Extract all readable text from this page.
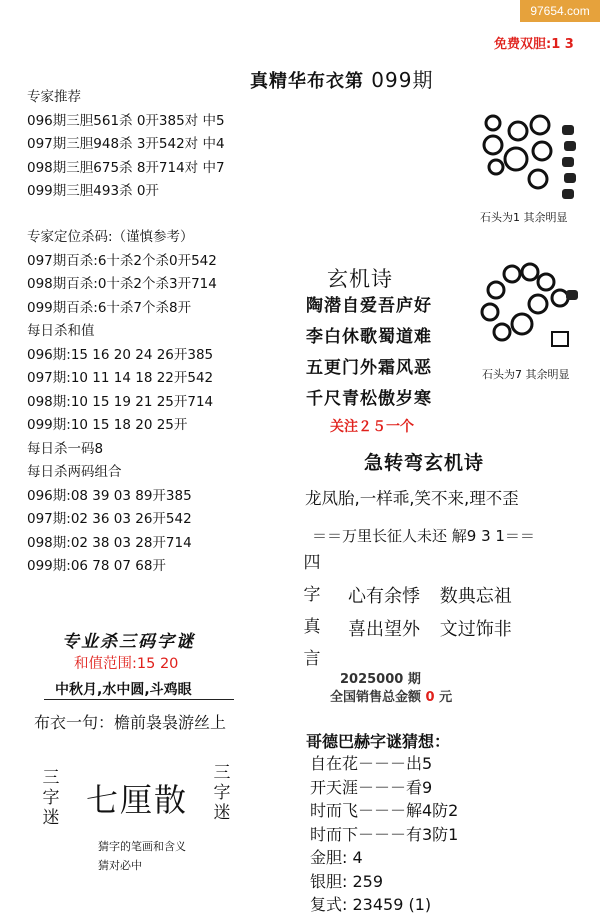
97654.com
免费双胆:1 3
真精华布衣第 099期
专家推荐
096期三胆561杀 0开385对 中5
097期三胆948杀 3开542对 中4
098期三胆675杀 8开714对 中7
099期三胆493杀 0开
专家定位杀码:（谨慎参考）
097期百杀:6十杀2个杀0开542
098期百杀:0十杀2个杀3开714
099期百杀:6十杀7个杀8开
每日杀和值
096期:15 16 20 24 26开385
097期:10 11 14 18 22开542
098期:10 15 19 21 25开714
099期:10 15 18 20 25开
每日杀一码8
每日杀两码组合
096期:08 39 03 89开385
097期:02 36 03 26开542
098期:02 38 03 28开714
099期:06 78 07 68开
专业杀三码字谜
和值范围:15 20
中秋月,水中圆,斗鸡眼
布衣一句：檐前袅袅游丝上
三字迷
三字迷
七厘散
猜字的笔画和含义
猜对必中
石头为1 其余明显
石头为7 其余明显
玄机诗
陶潜自爱吾庐好
李白休歌蜀道难
五更门外霜风恶
千尺青松傲岁寒
关注２５一个
急转弯玄机诗
龙凤胎,一样乖,笑不来,理不歪
＝＝万里长征人未还 解9 3 1＝＝
四
字
真
言
心有余悸 数典忘祖
喜出望外 文过饰非
2025000 期
全国销售总金额 0 元
哥德巴赫字谜猜想：
自在花－－－出5
开天涯－－－看9
时而飞－－－解4防2
时而下－－－有3防1
金胆: 4
银胆: 259
复式: 23459 (1)
